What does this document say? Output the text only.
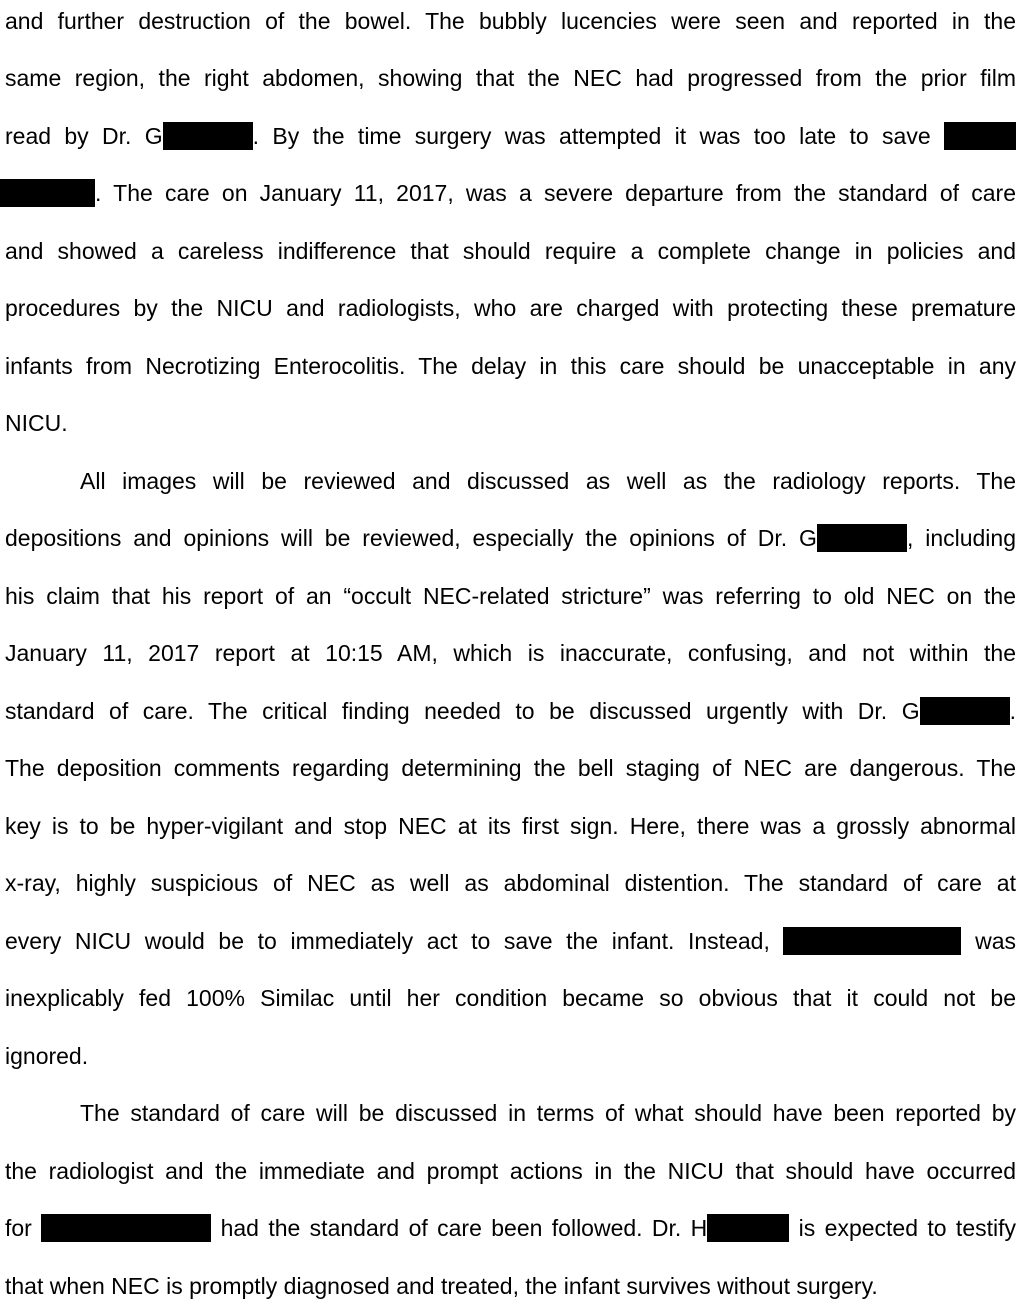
and further destruction of the bowel. The bubbly lucencies were seen and reported in the
same region, the right abdomen, showing that the NEC had progressed from the prior film
read by Dr. G	. By the time surgery was attempted it was too late to save
. The care on January 11, 2017, was a severe departure from the standard of care
and showed a careless indifference that should require a complete change in policies and
procedures by the NICU and radiologists, who are charged with protecting these premature
infants from Necrotizing Enterocolitis. The delay in this care should be unacceptable in any
NICU.
All images will be reviewed and discussed as well as the radiology reports. The
depositions and opinions will be reviewed, especially the opinions of Dr. G	, including
his claim that his report of an “occult NEC-related stricture” was referring to old NEC on the
January 11, 2017 report at 10:15 AM, which is inaccurate, confusing, and not within the
standard of care. The critical finding needed to be discussed urgently with Dr. G	.
The deposition comments regarding determining the bell staging of NEC are dangerous. The
key is to be hyper-vigilant and stop NEC at its first sign. Here, there was a grossly abnormal
x-ray, highly suspicious of NEC as well as abdominal distention. The standard of care at
every NICU would be to immediately act to save the infant. Instead,	was
inexplicably fed 100% Similac until her condition became so obvious that it could not be
ignored.
The standard of care will be discussed in terms of what should have been reported by
the radiologist and the immediate and prompt actions in the NICU that should have occurred
for	had the standard of care been followed. Dr. H	is expected to testify
that when NEC is promptly diagnosed and treated, the infant survives without surgery.
